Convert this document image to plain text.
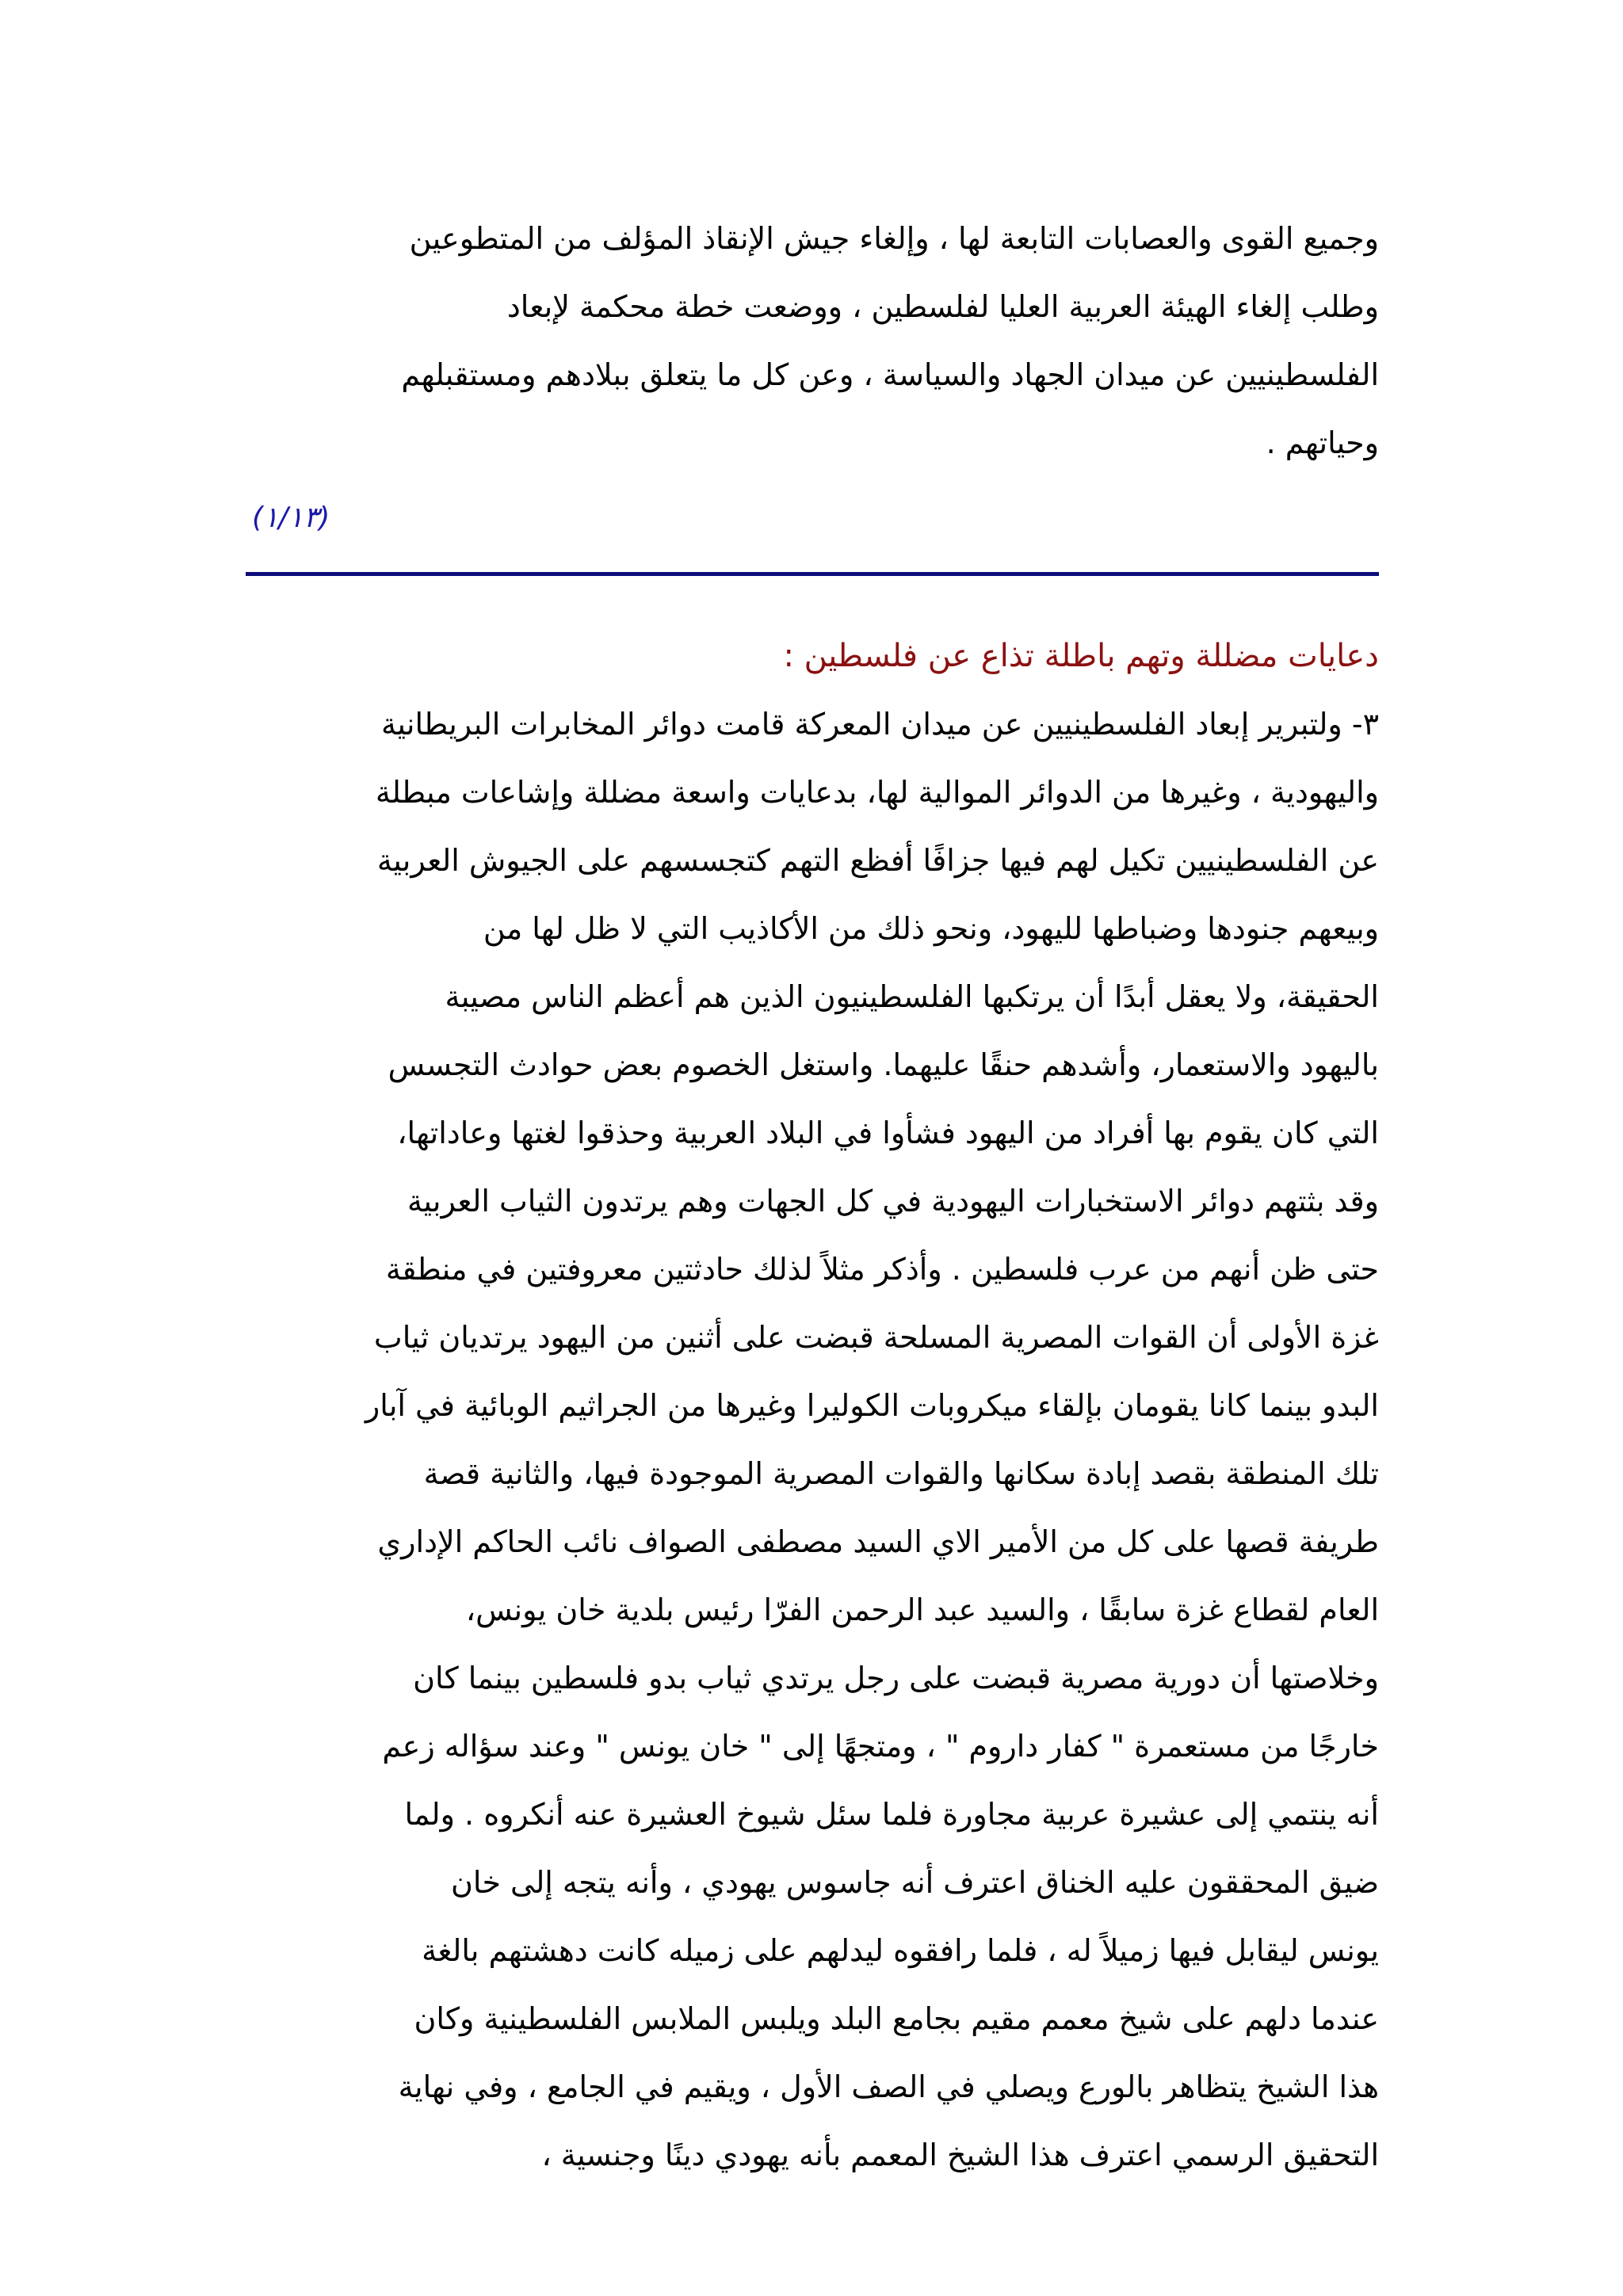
وجميع القوى والعصابات التابعة لها ، وإلغاء جيش الإنقاذ المؤلف من المتطوعين
وطلب إلغاء الهيئة العربية العليا لفلسطين ، ووضعت خطة محكمة لإبعاد
الفلسطينيين عن ميدان الجهاد والسياسة ، وعن كل ما يتعلق ببلادهم ومستقبلهم
وحياتهم .

(١/١٣)
دعايات مضللة وتهم باطلة تذاع عن فلسطين :

٣- ولتبرير إبعاد الفلسطينيين عن ميدان المعركة قامت دوائر المخابرات البريطانية
واليهودية ، وغيرها من الدوائر الموالية لها، بدعايات واسعة مضللة وإشاعات مبطلة
عن الفلسطينيين تكيل لهم فيها جزافًا أفظع التهم كتجسسهم على الجيوش العربية
وبيعهم جنودها وضباطها لليهود، ونحو ذلك من الأكاذيب التي لا ظل لها من
الحقيقة، ولا يعقل أبدًا أن يرتكبها الفلسطينيون الذين هم أعظم الناس مصيبة
باليهود والاستعمار، وأشدهم حنقًا عليهما. واستغل الخصوم بعض حوادث التجسس
التي كان يقوم بها أفراد من اليهود فشأوا في البلاد العربية وحذقوا لغتها وعاداتها،
وقد بثتهم دوائر الاستخبارات اليهودية في كل الجهات وهم يرتدون الثياب العربية
حتى ظن أنهم من عرب فلسطين . وأذكر مثلاً لذلك حادثتين معروفتين في منطقة
غزة الأولى أن القوات المصرية المسلحة قبضت على أثنين من اليهود يرتديان ثياب
البدو بينما كانا يقومان بإلقاء ميكروبات الكوليرا وغيرها من الجراثيم الوبائية في آبار
تلك المنطقة بقصد إبادة سكانها والقوات المصرية الموجودة فيها، والثانية قصة
طريفة قصها على كل من الأمير الاي السيد مصطفى الصواف نائب الحاكم الإداري
العام لقطاع غزة سابقًا ، والسيد عبد الرحمن الفرّا رئيس بلدية خان يونس،
وخلاصتها أن دورية مصرية قبضت على رجل يرتدي ثياب بدو فلسطين بينما كان
خارجًا من مستعمرة " كفار داروم " ، ومتجهًا إلى " خان يونس " وعند سؤاله زعم
أنه ينتمي إلى عشيرة عربية مجاورة فلما سئل شيوخ العشيرة عنه أنكروه . ولما
ضيق المحققون عليه الخناق اعترف أنه جاسوس يهودي ، وأنه يتجه إلى خان
يونس ليقابل فيها زميلاً له ، فلما رافقوه ليدلهم على زميله كانت دهشتهم بالغة
عندما دلهم على شيخ معمم مقيم بجامع البلد ويلبس الملابس الفلسطينية وكان
هذا الشيخ يتظاهر بالورع ويصلي في الصف الأول ، ويقيم في الجامع ، وفي نهاية
التحقيق الرسمي اعترف هذا الشيخ المعمم بأنه يهودي دينًا وجنسية ،
